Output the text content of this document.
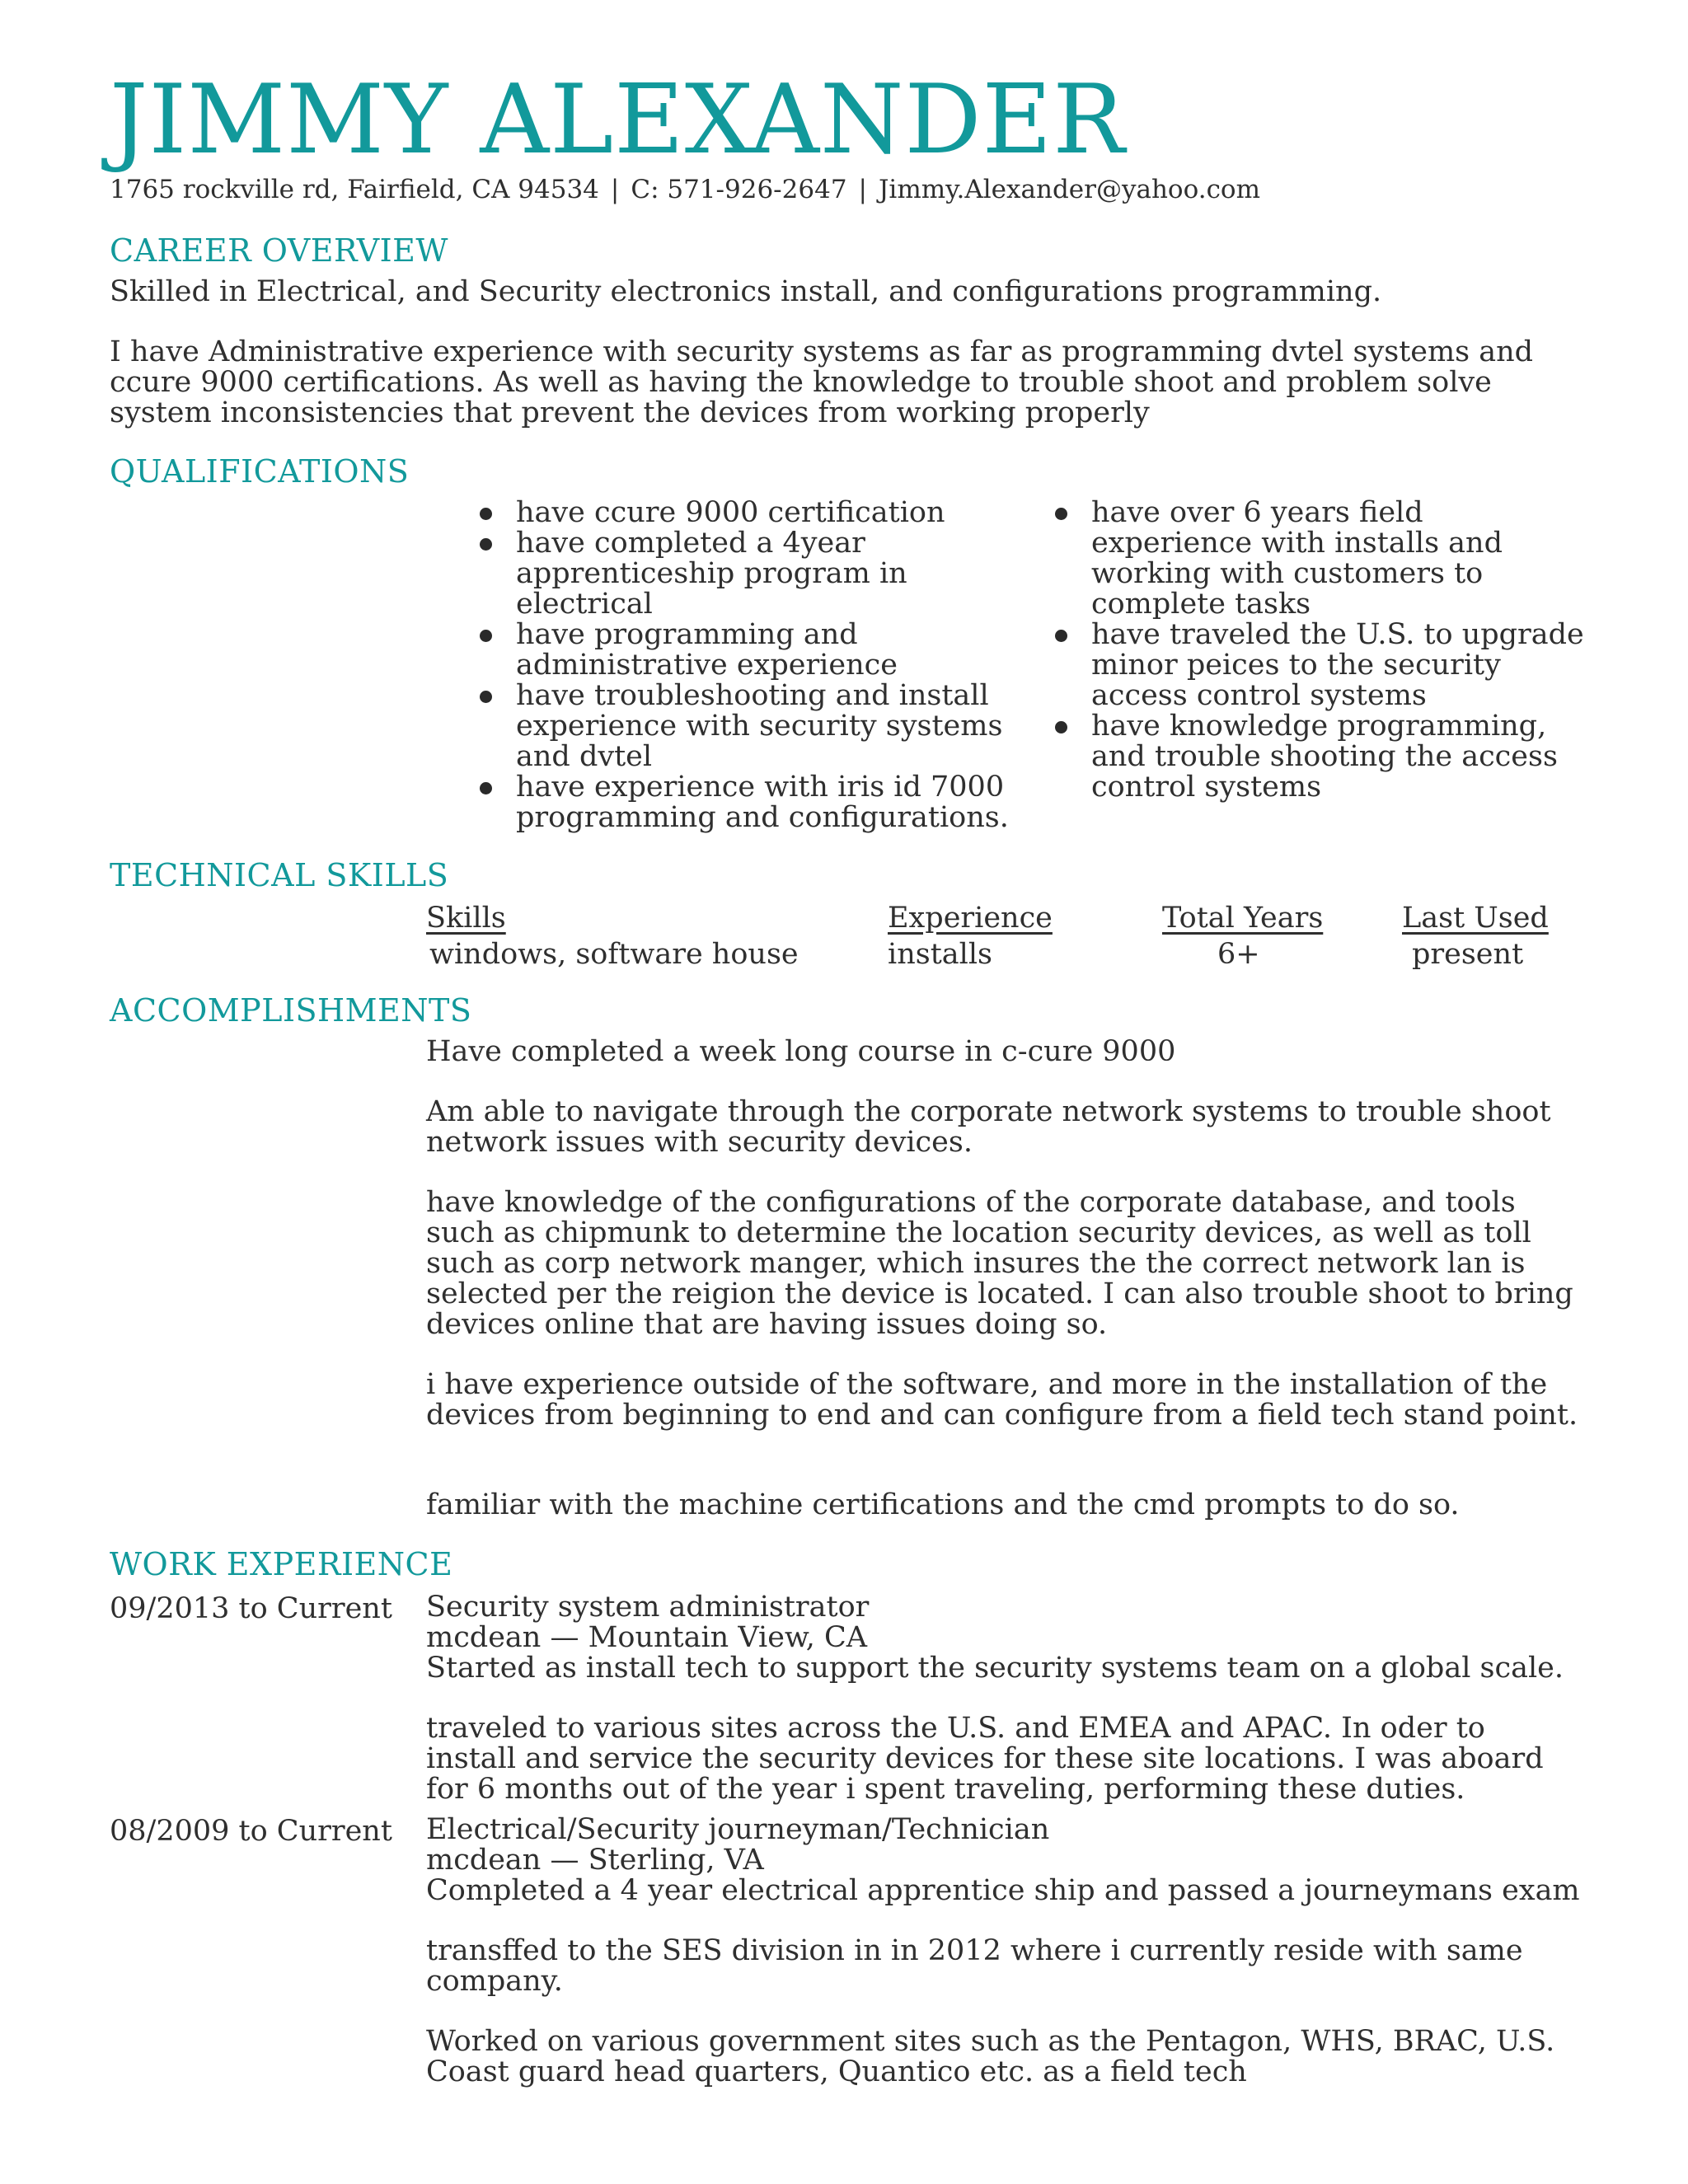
JIMMY ALEXANDER
1765 rockville rd, Fairfield, CA 94534 | C: 571-926-2647 | Jimmy.Alexander@yahoo.com
CAREER OVERVIEW

Skilled in Electrical, and Security electronics install, and configurations programming.

I have Administrative experience with security systems as far as programming dvtel systems and ccure 9000 certifications. As well as having the knowledge to trouble shoot and problem solve system inconsistencies that prevent the devices from working properly

QUALIFICATIONS
have ccure 9000 certification
have completed a 4year apprenticeship program in electrical
have programming and administrative experience
have troubleshooting and install experience with security systems and dvtel
have experience with iris id 7000 programming and configurations.
have over 6 years field experience with installs and working with customers to complete tasks
have traveled the U.S. to upgrade minor peices to the security access control systems
have knowledge programming, and trouble shooting the access control systems
TECHNICAL SKILLS
Skills	Experience	Total Years	Last Used
windows, software house	installs	6+	present
ACCOMPLISHMENTS

Have completed a week long course in c-cure 9000

Am able to navigate through the corporate network systems to trouble shoot network issues with security devices.

have knowledge of the configurations of the corporate database, and tools such as chipmunk to determine the location security devices, as well as toll such as corp network manger, which insures the the correct network lan is selected per the reigion the device is located. I can also trouble shoot to bring devices online that are having issues doing so.

i have experience outside of the software, and more in the installation of the devices from beginning to end and can configure from a field tech stand point.

familiar with the machine certifications and the cmd prompts to do so.

WORK EXPERIENCE
09/2013 to Current Security system administrator

mcdean — Mountain View, CA

Started as install tech to support the security systems team on a global scale.

traveled to various sites across the U.S. and EMEA and APAC. In oder to install and service the security devices for these site locations. I was aboard for 6 months out of the year i spent traveling, performing these duties.

08/2009 to Current Electrical/Security journeyman/Technician

mcdean — Sterling, VA

Completed a 4 year electrical apprentice ship and passed a journeymans exam

transffed to the SES division in in 2012 where i currently reside with same company.

Worked on various government sites such as the Pentagon, WHS, BRAC, U.S. Coast guard head quarters, Quantico etc. as a field tech
